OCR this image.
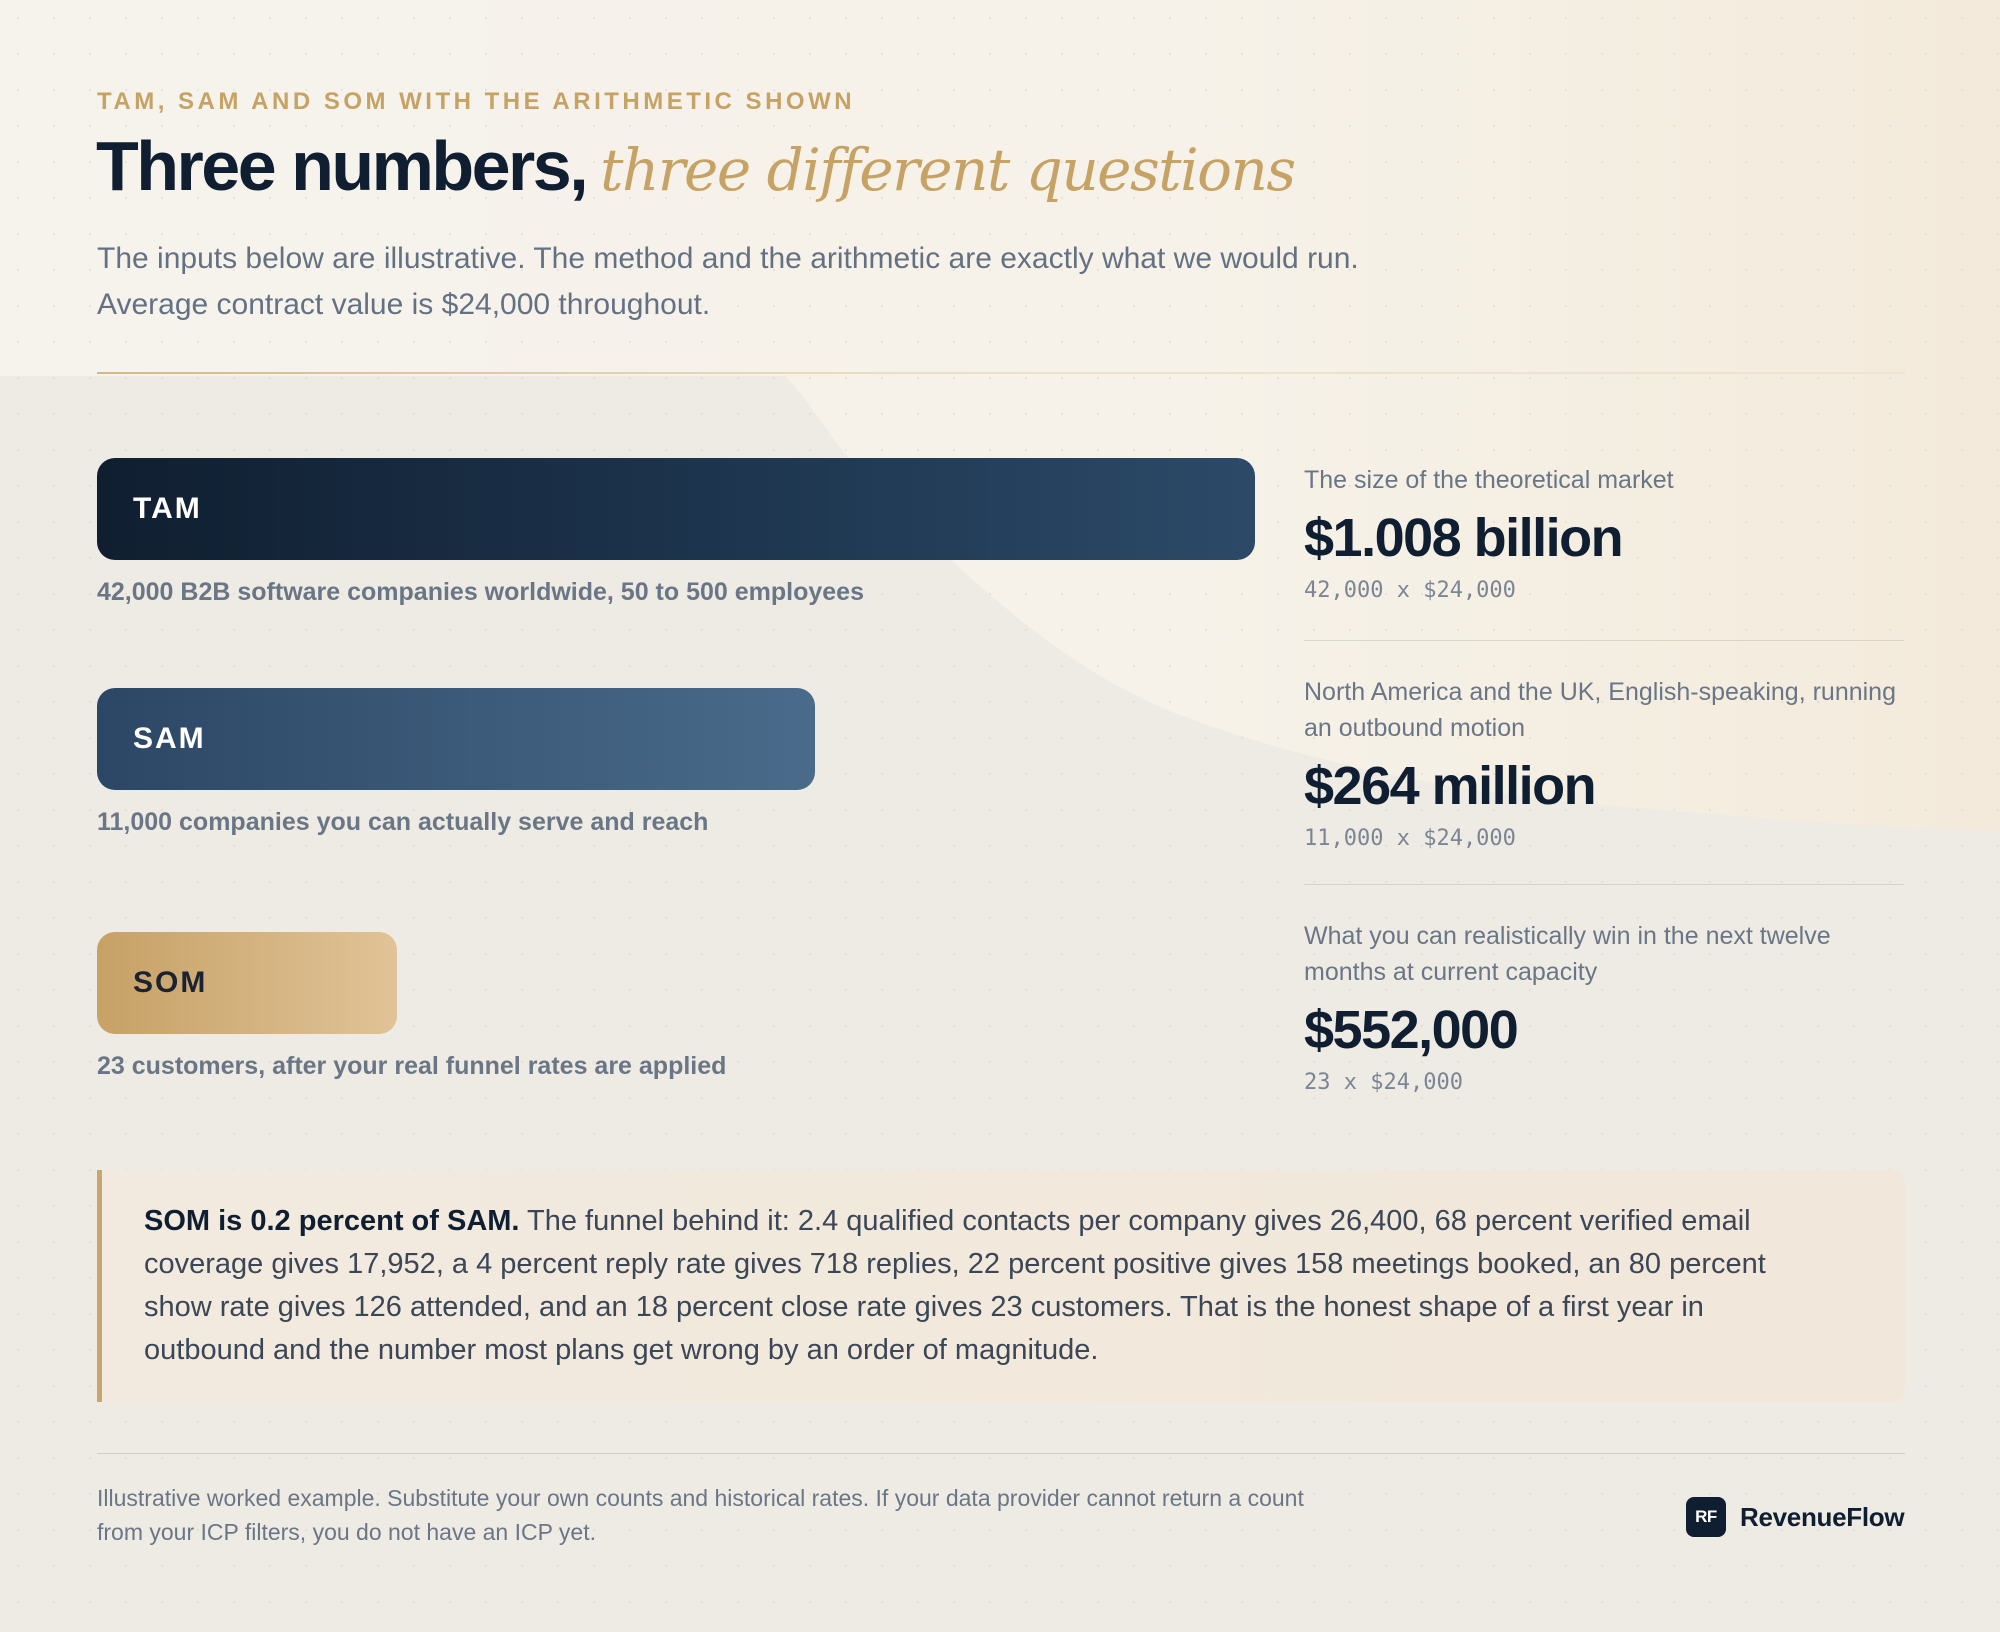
TAM, SAM AND SOM WITH THE ARITHMETIC SHOWN
Three numbers, three different questions
The inputs below are illustrative. The method and the arithmetic are exactly what we would run.
Average contract value is $24,000 throughout.
TAM
42,000 B2B software companies worldwide, 50 to 500 employees
The size of the theoretical market
$1.008 billion
42,000 x $24,000
SAM
11,000 companies you can actually serve and reach
North America and the UK, English-speaking, running an outbound motion
$264 million
11,000 x $24,000
SOM
23 customers, after your real funnel rates are applied
What you can realistically win in the next twelve months at current capacity
$552,000
23 x $24,000
SOM is 0.2 percent of SAM. The funnel behind it: 2.4 qualified contacts per company gives 26,400, 68 percent verified email coverage gives 17,952, a 4 percent reply rate gives 718 replies, 22 percent positive gives 158 meetings booked, an 80 percent show rate gives 126 attended, and an 18 percent close rate gives 23 customers. That is the honest shape of a first year in outbound and the number most plans get wrong by an order of magnitude.
Illustrative worked example. Substitute your own counts and historical rates. If your data provider cannot return a count
from your ICP filters, you do not have an ICP yet.
RF RevenueFlow
